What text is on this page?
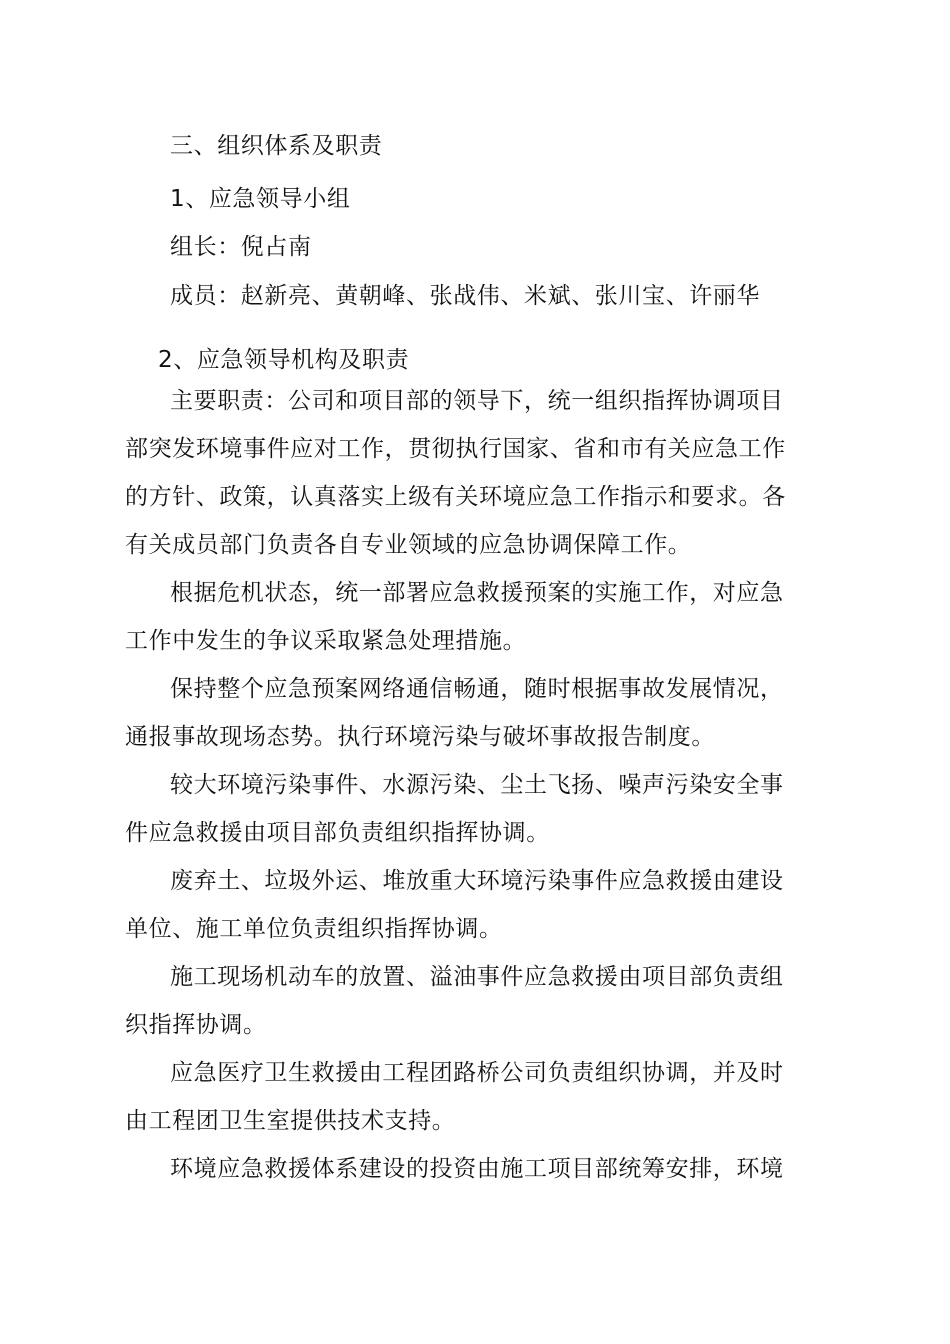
三、组织体系及职责
1、应急领导小组
组长：倪占南
成员：赵新亮、黄朝峰、张战伟、米斌、张川宝、许丽华
2、应急领导机构及职责
主要职责：公司和项目部的领导下，统一组织指挥协调项目
部突发环境事件应对工作，贯彻执行国家、省和市有关应急工作
的方针、政策，认真落实上级有关环境应急工作指示和要求。各
有关成员部门负责各自专业领域的应急协调保障工作。
根据危机状态，统一部署应急救援预案的实施工作，对应急
工作中发生的争议采取紧急处理措施。
保持整个应急预案网络通信畅通，随时根据事故发展情况，
通报事故现场态势。执行环境污染与破坏事故报告制度。
较大环境污染事件、水源污染、尘土飞扬、噪声污染安全事
件应急救援由项目部负责组织指挥协调。
废弃土、垃圾外运、堆放重大环境污染事件应急救援由建设
单位、施工单位负责组织指挥协调。
施工现场机动车的放置、溢油事件应急救援由项目部负责组
织指挥协调。
应急医疗卫生救援由工程团路桥公司负责组织协调，并及时
由工程团卫生室提供技术支持。
环境应急救援体系建设的投资由施工项目部统筹安排，环境
